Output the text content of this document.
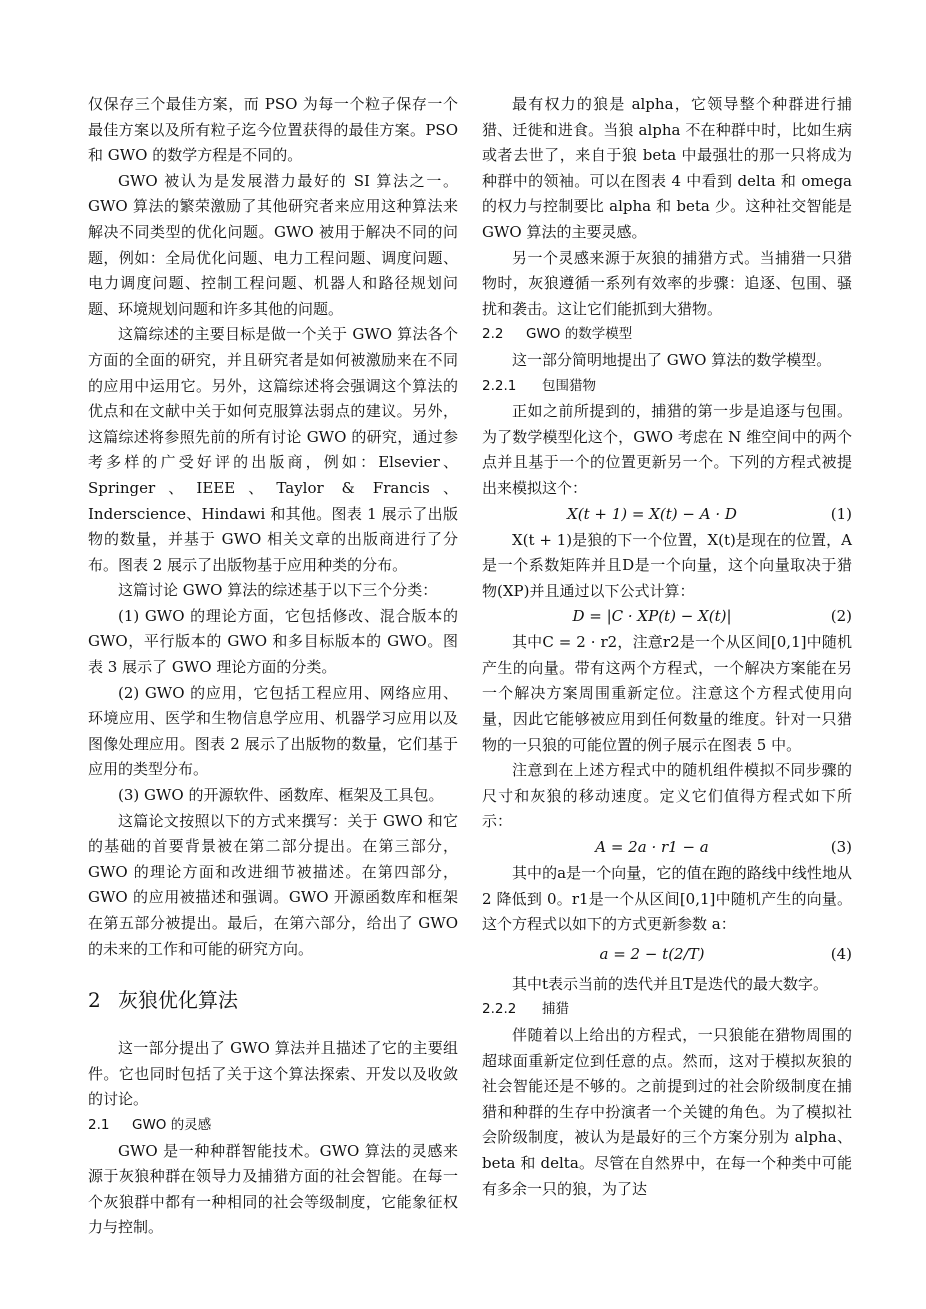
仅保存三个最佳方案，而 PSO 为每一个粒子保存一个最佳方案以及所有粒子迄今位置获得的最佳方案。PSO 和 GWO 的数学方程是不同的。

GWO 被认为是发展潜力最好的 SI 算法之一。GWO 算法的繁荣激励了其他研究者来应用这种算法来解决不同类型的优化问题。GWO 被用于解决不同的问题，例如：全局优化问题、电力工程问题、调度问题、电力调度问题、控制工程问题、机器人和路径规划问题、环境规划问题和许多其他的问题。

这篇综述的主要目标是做一个关于 GWO 算法各个方面的全面的研究，并且研究者是如何被激励来在不同的应用中运用它。另外，这篇综述将会强调这个算法的优点和在文献中关于如何克服算法弱点的建议。另外，这篇综述将参照先前的所有讨论 GWO 的研究，通过参考多样的广受好评的出版商，例如：Elsevier、Springer、IEEE、Taylor & Francis、Inderscience、Hindawi 和其他。图表 1 展示了出版物的数量，并基于 GWO 相关文章的出版商进行了分布。图表 2 展示了出版物基于应用种类的分布。

这篇讨论 GWO 算法的综述基于以下三个分类：

(1) GWO 的理论方面，它包括修改、混合版本的 GWO，平行版本的 GWO 和多目标版本的 GWO。图表 3 展示了 GWO 理论方面的分类。

(2) GWO 的应用，它包括工程应用、网络应用、环境应用、医学和生物信息学应用、机器学习应用以及图像处理应用。图表 2 展示了出版物的数量，它们基于应用的类型分布。

(3) GWO 的开源软件、函数库、框架及工具包。

这篇论文按照以下的方式来撰写：关于 GWO 和它的基础的首要背景被在第二部分提出。在第三部分，GWO 的理论方面和改进细节被描述。在第四部分，GWO 的应用被描述和强调。GWO 开源函数库和框架在第五部分被提出。最后，在第六部分，给出了 GWO 的未来的工作和可能的研究方向。

2 灰狼优化算法

这一部分提出了 GWO 算法并且描述了它的主要组件。它也同时包括了关于这个算法探索、开发以及收敛的讨论。

2.1 GWO 的灵感

GWO 是一种种群智能技术。GWO 算法的灵感来源于灰狼种群在领导力及捕猎方面的社会智能。在每一个灰狼群中都有一种相同的社会等级制度，它能象征权力与控制。

最有权力的狼是 alpha，它领导整个种群进行捕猎、迁徙和进食。当狼 alpha 不在种群中时，比如生病或者去世了，来自于狼 beta 中最强壮的那一只将成为种群中的领袖。可以在图表 4 中看到 delta 和 omega 的权力与控制要比 alpha 和 beta 少。这种社交智能是 GWO 算法的主要灵感。

另一个灵感来源于灰狼的捕猎方式。当捕猎一只猎物时，灰狼遵循一系列有效率的步骤：追逐、包围、骚扰和袭击。这让它们能抓到大猎物。

2.2 GWO 的数学模型

这一部分简明地提出了 GWO 算法的数学模型。

2.2.1 包围猎物

正如之前所提到的，捕猎的第一步是追逐与包围。为了数学模型化这个，GWO 考虑在 N 维空间中的两个点并且基于一个的位置更新另一个。下列的方程式被提出来模拟这个：

X(t + 1) = X(t) − A · D	(1)

X(t + 1)是狼的下一个位置，X(t)是现在的位置，A是一个系数矩阵并且D是一个向量，这个向量取决于猎物(XP)并且通过以下公式计算：

D = |C · XP(t) − X(t)|	(2)

其中C = 2 · r2，注意r2是一个从区间[0,1]中随机产生的向量。带有这两个方程式，一个解决方案能在另一个解决方案周围重新定位。注意这个方程式使用向量，因此它能够被应用到任何数量的维度。针对一只猎物的一只狼的可能位置的例子展示在图表 5 中。

注意到在上述方程式中的随机组件模拟不同步骤的尺寸和灰狼的移动速度。定义它们值得方程式如下所示：

A = 2a · r1 − a	(3)

其中的a是一个向量，它的值在跑的路线中线性地从 2 降低到 0。r1是一个从区间[0,1]中随机产生的向量。这个方程式以如下的方式更新参数 a：

a = 2 − t(2/T)	(4)

其中t表示当前的迭代并且T是迭代的最大数字。

2.2.2 捕猎

伴随着以上给出的方程式，一只狼能在猎物周围的超球面重新定位到任意的点。然而，这对于模拟灰狼的社会智能还是不够的。之前提到过的社会阶级制度在捕猎和种群的生存中扮演者一个关键的角色。为了模拟社会阶级制度，被认为是最好的三个方案分别为 alpha、beta 和 delta。尽管在自然界中，在每一个种类中可能有多余一只的狼，为了达
